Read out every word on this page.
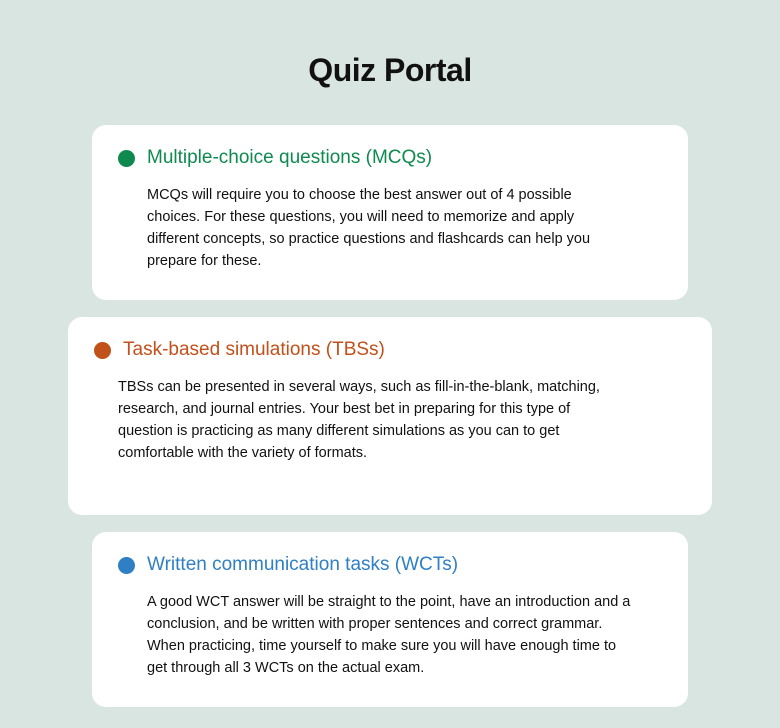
Quiz Portal
Multiple-choice questions (MCQs)
MCQs will require you to choose the best answer out of 4 possible choices. For these questions, you will need to memorize and apply different concepts, so practice questions and flashcards can help you prepare for these.
Task-based simulations (TBSs)
TBSs can be presented in several ways, such as fill-in-the-blank, matching, research, and journal entries. Your best bet in preparing for this type of question is practicing as many different simulations as you can to get comfortable with the variety of formats.
Written communication tasks (WCTs)
A good WCT answer will be straight to the point, have an introduction and a conclusion, and be written with proper sentences and correct grammar. When practicing, time yourself to make sure you will have enough time to get through all 3 WCTs on the actual exam.
